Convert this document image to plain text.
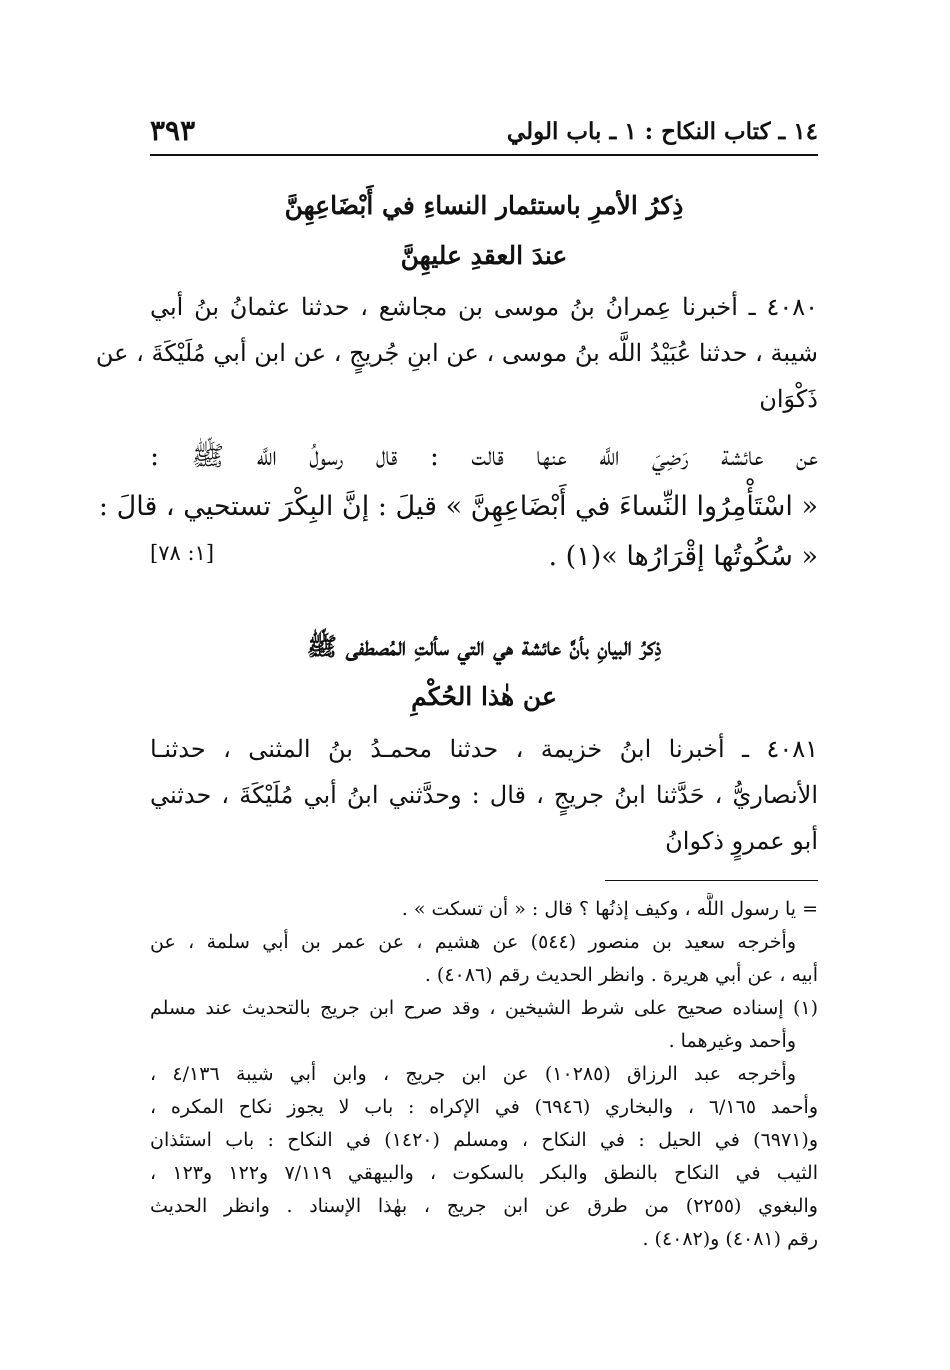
١٤ ـ كتاب النكاح : ١ ـ باب الولي
٣٩٣
ذِكرُ الأمرِ باستئمار النساءِ في أَبْضَاعِهِنَّ
عندَ العقدِ عليهِنَّ
٤٠٨٠ ـ أخبرنا عِمرانُ بنُ موسى بن مجاشع ، حدثنا عثمانُ بنُ أبي
شيبة ، حدثنا عُبَيْدُ اللَّه بنُ موسى ، عن ابنِ جُريجٍ ، عن ابن أبي مُلَيْكَةَ ، عن
ذَكْوَان
عن عائشة رَضِيَ اللَّه عنها قالت : قال رسولُ اللَّه ﷺ :
« اسْتَأْمِرُوا النِّساءَ في أَبْضَاعِهِنَّ » قيلَ : إنَّ البِكْرَ تستحيي ، قالَ :
« سُكُوتُها إقْرَارُها »(١) .
[١: ٧٨]
ذِكرُ البيانِ بأنَّ عائشة هي التي سألتِ المُصطفى ﷺ
عن هٰذا الحُكْمِ
٤٠٨١ ـ أخبرنا ابنُ خزيمة ، حدثنا محمـدُ بنُ المثنى ، حدثنـا
الأنصاريُّ ، حَدَّثنا ابنُ جريجٍ ، قال : وحدَّثني ابنُ أبي مُلَيْكَةَ ، حدثني
أبو عمروٍ ذكوانُ
= يا رسول اللَّه ، وكيف إذنُها ؟ قال : « أن تسكت » .
وأخرجه سعيد بن منصور (٥٤٤) عن هشيم ، عن عمر بن أبي سلمة ، عن
أبيه ، عن أبي هريرة . وانظر الحديث رقم (٤٠٨٦) .
(١) إسناده صحيح على شرط الشيخين ، وقد صرح ابن جريج بالتحديث عند مسلم
وأحمد وغيرهما .
وأخرجه عبد الرزاق (١٠٢٨٥) عن ابن جريج ، وابن أبي شيبة ٤/١٣٦ ،
وأحمد ٦/١٦٥ ، والبخاري (٦٩٤٦) في الإكراه : باب لا يجوز نكاح المكره ،
و(٦٩٧١) في الحيل : في النكاح ، ومسلم (١٤٢٠) في النكاح : باب استئذان
الثيب في النكاح بالنطق والبكر بالسكوت ، والبيهقي ٧/١١٩ و١٢٢ و١٢٣ ،
والبغوي (٢٢٥٥) من طرق عن ابن جريج ، بهٰذا الإسناد . وانظر الحديث
رقم (٤٠٨١) و(٤٠٨٢) .
